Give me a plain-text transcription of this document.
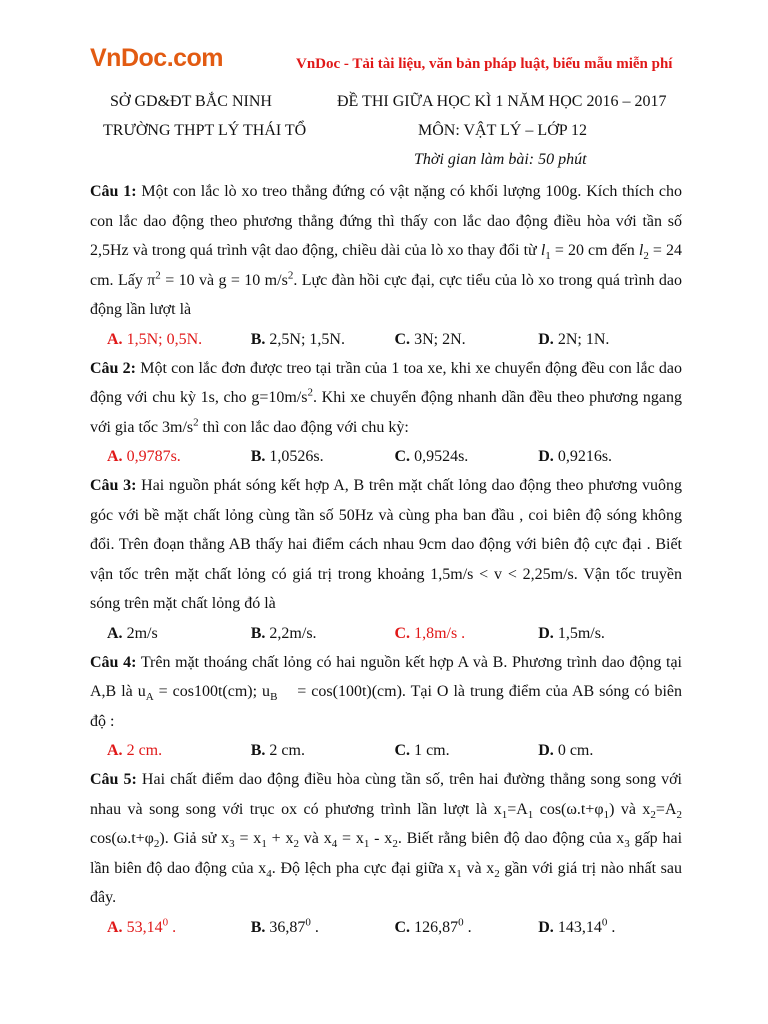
VnDoc.com	VnDoc - Tải tài liệu, văn bản pháp luật, biểu mẫu miễn phí
SỞ GD&ĐT BẮC NINH
TRƯỜNG THPT LÝ THÁI TỔ
ĐỀ THI GIỮA HỌC KÌ 1 NĂM HỌC 2016 – 2017
MÔN: VẬT LÝ – LỚP 12
Thời gian làm bài: 50 phút

Câu 1: Một con lắc lò xo treo thẳng đứng có vật nặng có khối lượng 100g. Kích thích cho con lắc dao động theo phương thẳng đứng thì thấy con lắc dao động điều hòa với tần số 2,5Hz và trong quá trình vật dao động, chiều dài của lò xo thay đổi từ $l_1 = 20$ cm đến $l_2 = 24$ cm. Lấy $\pi^2 = 10$ và g = 10 $m/s^2$. Lực đàn hồi cực đại, cực tiểu của lò xo trong quá trình dao động lần lượt là

A. 1,5N; 0,5N.	B. 2,5N; 1,5N.	C. 3N; 2N.	D. 2N; 1N.

Câu 2: Một con lắc đơn được treo tại trần của 1 toa xe, khi xe chuyển động đều con lắc dao động với chu kỳ 1s, cho $g=10m/s^2$. Khi xe chuyển động nhanh dần đều theo phương ngang với gia tốc $3m/s^2$ thì con lắc dao động với chu kỳ:

A. 0,9787s.	B. 1,0526s.	C. 0,9524s.	D. 0,9216s.

Câu 3: Hai nguồn phát sóng kết hợp A, B trên mặt chất lỏng dao động theo phương vuông góc với bề mặt chất lỏng cùng tần số 50Hz và cùng pha ban đầu , coi biên độ sóng không đổi. Trên đoạn thẳng AB thấy hai điểm cách nhau 9cm dao động với biên độ cực đại . Biết vận tốc trên mặt chất lỏng có giá trị trong khoảng 1,5m/s < v < 2,25m/s. Vận tốc truyền sóng trên mặt chất lỏng đó là

A. 2m/s	B. 2,2m/s.	C. 1,8m/s .	D. 1,5m/s.

Câu 4: Trên mặt thoáng chất lỏng có hai nguồn kết hợp A và B. Phương trình dao động tại A,B là $u_A = \cos 100t(cm)$; $u_B$    = cos(100t)(cm). Tại O là trung điểm của AB sóng có biên độ :

A. 2 cm.	B. 2 cm.	C. 1 cm.	D. 0 cm.

Câu 5: Hai chất điểm dao động điều hòa cùng tần số, trên hai đường thẳng song song với nhau và song song với trục ox có phương trình lần lượt là $x_1=A_1$ $\cos(\omega.t+\varphi_1)$ và $x_2=A_2$ $\cos(\omega.t+\varphi_2)$. Giả sử $x_3 = x_1 + x_2$ và $x_4 = x_1 - x_2$. Biết rằng biên độ dao động của $x_3$ gấp hai lần biên độ dao động của $x_4$. Độ lệch pha cực đại giữa $x_1$ và $x_2$ gần với giá trị nào nhất sau đây.

A. 53,14$^0$ .	B. 36,87$^0$ .	C. 126,87$^0$ .	D. 143,14$^0$ .
